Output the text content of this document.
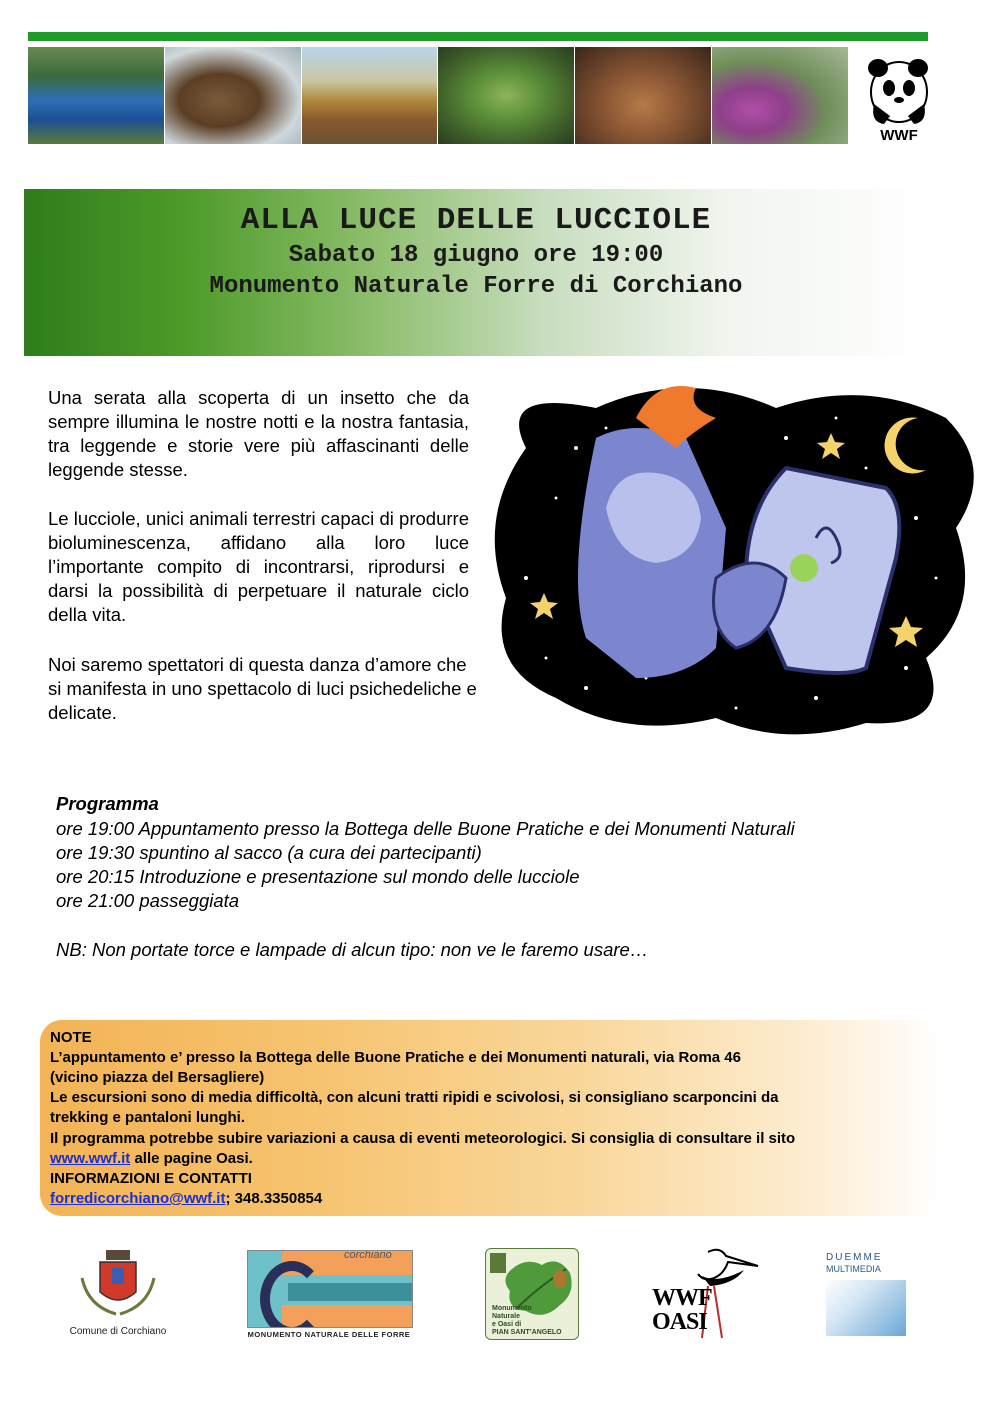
WWF
ALLA LUCE DELLE LUCCIOLE
Sabato 18 giugno ore 19:00
Monumento Naturale Forre di Corchiano
Una serata alla scoperta di un insetto che da sempre illumina le nostre notti e la nostra fantasia, tra leggende e storie vere più affascinanti delle leggende stesse.
Le lucciole, unici animali terrestri capaci di produrre bioluminescenza, affidano alla loro luce l’importante compito di incontrarsi, riprodursi e darsi la possibilità di perpetuare il naturale ciclo della vita.
Noi saremo spettatori di questa danza d’amore che si manifesta in uno spettacolo di luci psichedeliche e delicate.
Programma
ore 19:00 Appuntamento presso la Bottega delle Buone Pratiche e dei Monumenti Naturali
ore 19:30 spuntino al sacco (a cura dei partecipanti)
ore 20:15 Introduzione e presentazione sul mondo delle lucciole
ore 21:00 passeggiata
NB: Non portate torce e lampade di alcun tipo: non ve le faremo usare…
NOTE
L’appuntamento e’ presso la Bottega delle Buone Pratiche e dei Monumenti naturali, via Roma 46
(vicino piazza del Bersagliere)
Le escursioni sono di media difficoltà, con alcuni tratti ripidi e scivolosi, si consigliano scarponcini da
trekking e pantaloni lunghi.
Il programma potrebbe subire variazioni a causa di eventi meteorologici. Si consiglia di consultare il sito
www.wwf.it alle pagine Oasi.
INFORMAZIONI E CONTATTI
forredicorchiano@wwf.it; 348.3350854
Comune di Corchiano
corchiano
MONUMENTO NATURALE DELLE FORRE
Monumento
Naturale
e Oasi di
PIAN SANT’ANGELO
WWF
OASI
DUEMME
MULTIMEDIA
